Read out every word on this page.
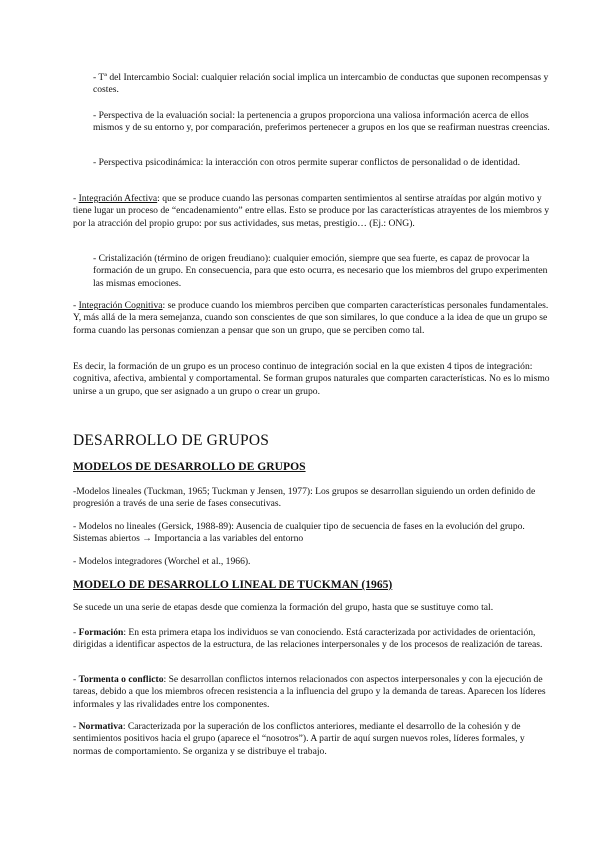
- Tª del Intercambio Social: cualquier relación social implica un intercambio de conductas que suponen recompensas y costes.

- Perspectiva de la evaluación social: la pertenencia a grupos proporciona una valiosa información acerca de ellos mismos y de su entorno y, por comparación, preferimos pertenecer a grupos en los que se reafirman nuestras creencias.

- Perspectiva psicodinámica: la interacción con otros permite superar conflictos de personalidad o de identidad.

- Integración Afectiva: que se produce cuando las personas comparten sentimientos al sentirse atraídas por algún motivo y tiene lugar un proceso de “encadenamiento” entre ellas. Esto se produce por las características atrayentes de los miembros y por la atracción del propio grupo: por sus actividades, sus metas, prestigio… (Ej.: ONG).

- Cristalización (término de origen freudiano): cualquier emoción, siempre que sea fuerte, es capaz de provocar la formación de un grupo. En consecuencia, para que esto ocurra, es necesario que los miembros del grupo experimenten las mismas emociones.

- Integración Cognitiva: se produce cuando los miembros perciben que comparten características personales fundamentales. Y, más allá de la mera semejanza, cuando son conscientes de que son similares, lo que conduce a la idea de que un grupo se forma cuando las personas comienzan a pensar que son un grupo, que se perciben como tal.

Es decir, la formación de un grupo es un proceso continuo de integración social en la que existen 4 tipos de integración: cognitiva, afectiva, ambiental y comportamental. Se forman grupos naturales que comparten características. No es lo mismo unirse a un grupo, que ser asignado a un grupo o crear un grupo.

DESARROLLO DE GRUPOS
MODELOS DE DESARROLLO DE GRUPOS

-Modelos lineales (Tuckman, 1965; Tuckman y Jensen, 1977): Los grupos se desarrollan siguiendo un orden definido de progresión a través de una serie de fases consecutivas.

- Modelos no lineales (Gersick, 1988-89): Ausencia de cualquier tipo de secuencia de fases en la evolución del grupo. Sistemas abiertos → Importancia a las variables del entorno

- Modelos integradores (Worchel et al., 1966).

MODELO DE DESARROLLO LINEAL DE TUCKMAN (1965)

Se sucede un una serie de etapas desde que comienza la formación del grupo, hasta que se sustituye como tal.

- Formación: En esta primera etapa los individuos se van conociendo. Está caracterizada por actividades de orientación, dirigidas a identificar aspectos de la estructura, de las relaciones interpersonales y de los procesos de realización de tareas.

- Tormenta o conflicto: Se desarrollan conflictos internos relacionados con aspectos interpersonales y con la ejecución de tareas, debido a que los miembros ofrecen resistencia a la influencia del grupo y la demanda de tareas. Aparecen los líderes informales y las rivalidades entre los componentes.

- Normativa: Caracterizada por la superación de los conflictos anteriores, mediante el desarrollo de la cohesión y de sentimientos positivos hacia el grupo (aparece el “nosotros”). A partir de aquí surgen nuevos roles, líderes formales, y normas de comportamiento. Se organiza y se distribuye el trabajo.
